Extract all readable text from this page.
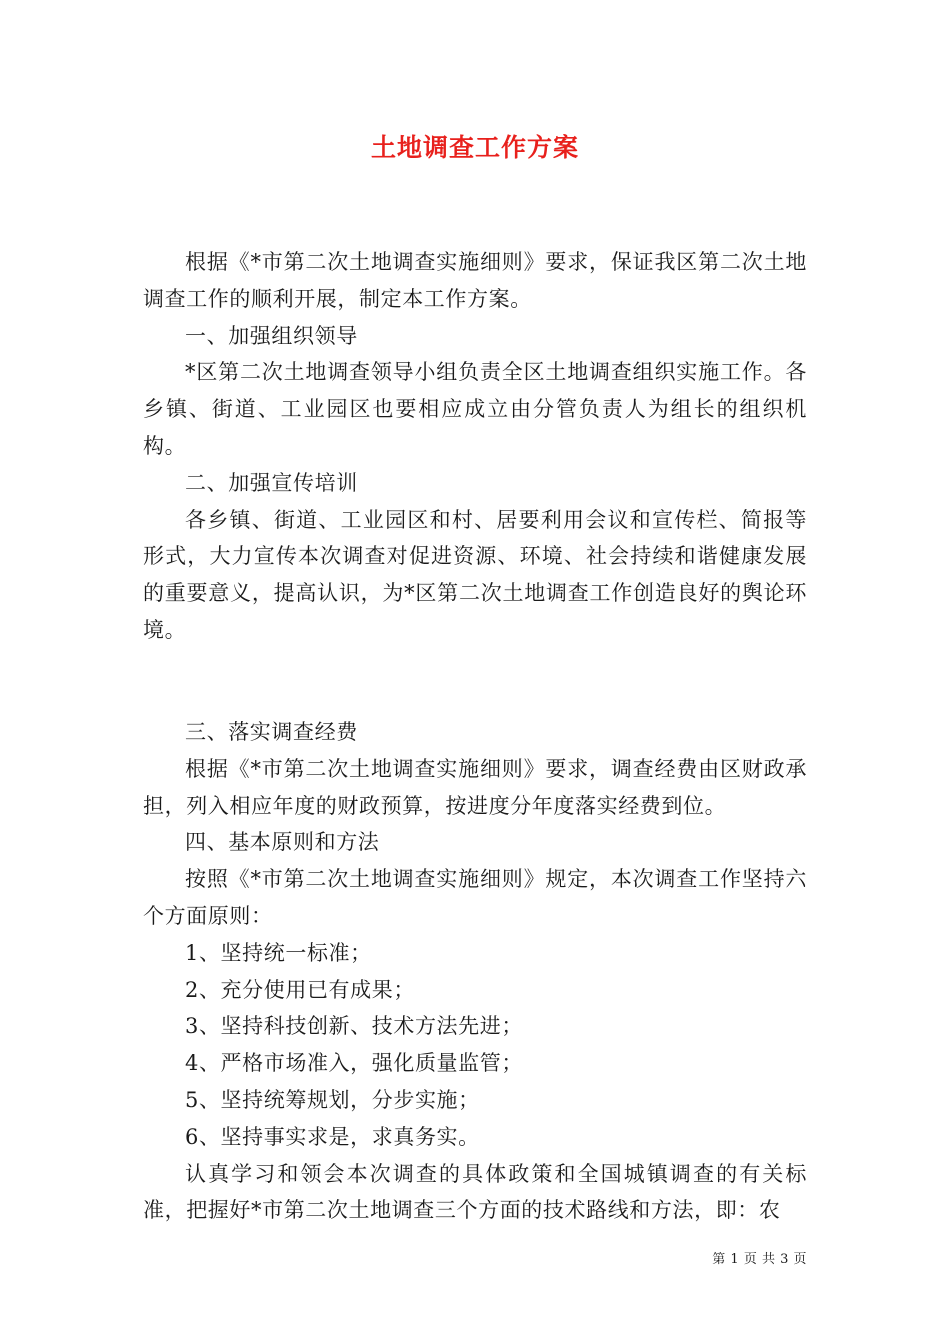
土地调查工作方案

根据《*市第二次土地调查实施细则》要求，保证我区第二次土地调查工作的顺利开展，制定本工作方案。

一、加强组织领导

*区第二次土地调查领导小组负责全区土地调查组织实施工作。各乡镇、街道、工业园区也要相应成立由分管负责人为组长的组织机构。

二、加强宣传培训

各乡镇、街道、工业园区和村、居要利用会议和宣传栏、简报等形式，大力宣传本次调查对促进资源、环境、社会持续和谐健康发展的重要意义，提高认识，为*区第二次土地调查工作创造良好的舆论环境。

三、落实调查经费

根据《*市第二次土地调查实施细则》要求，调查经费由区财政承担，列入相应年度的财政预算，按进度分年度落实经费到位。

四、基本原则和方法

按照《*市第二次土地调查实施细则》规定，本次调查工作坚持六个方面原则：

1、坚持统一标准；

2、充分使用已有成果；

3、坚持科技创新、技术方法先进；

4、严格市场准入，强化质量监管；

5、坚持统筹规划，分步实施；

6、坚持事实求是，求真务实。

认真学习和领会本次调查的具体政策和全国城镇调查的有关标准，把握好*市第二次土地调查三个方面的技术路线和方法，即：农

第 1 页 共 3 页
